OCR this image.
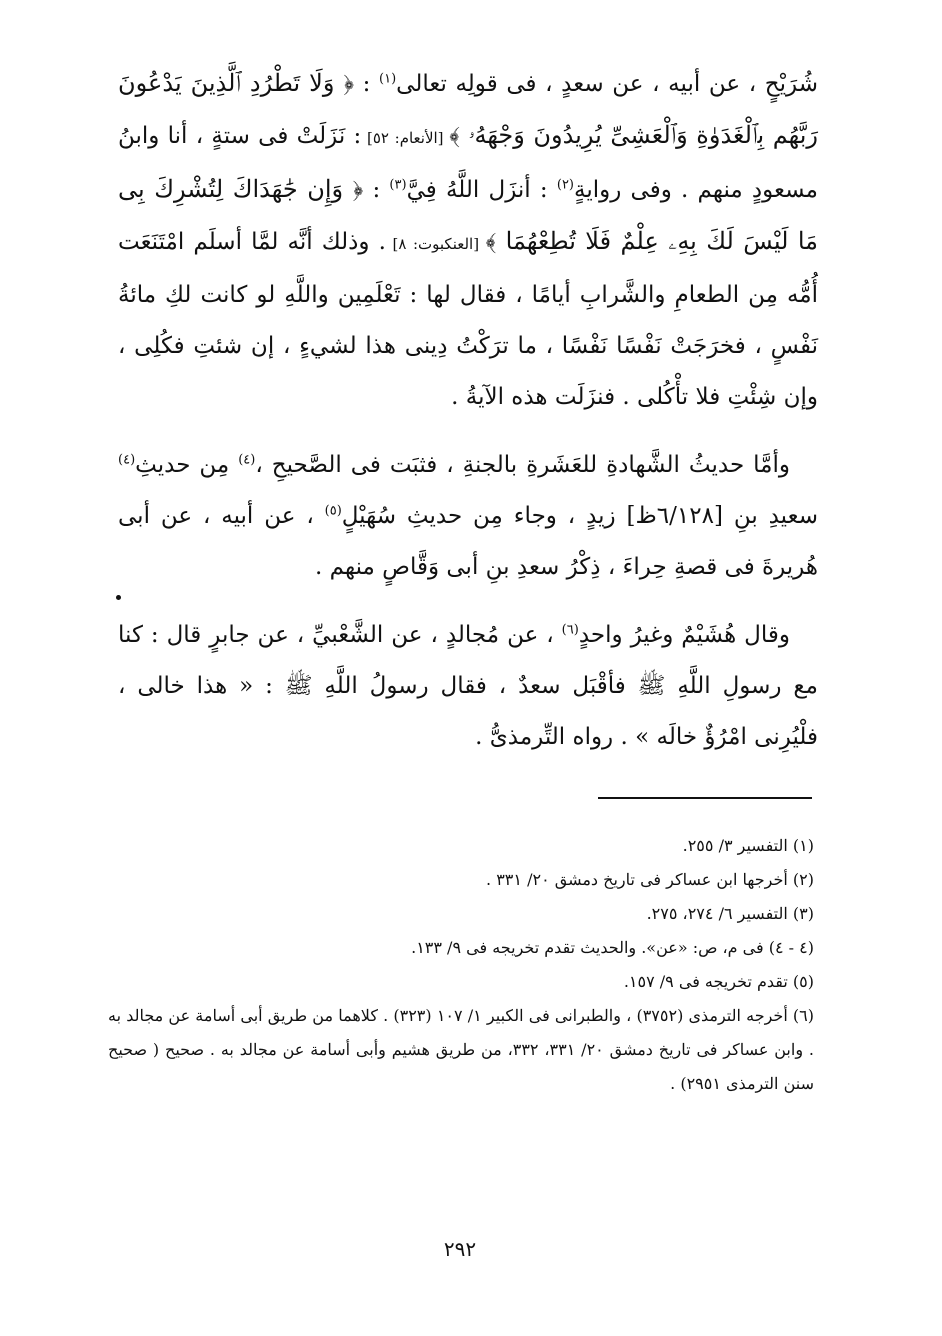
شُرَيْحٍ ، عن أبيه ، عن سعدٍ ، فى قولِه تعالى$^{(١)}$ : ﴿ وَلَا تَطْرُدِ ٱلَّذِينَ يَدْعُونَ رَبَّهُم بِٱلْغَدَوٰةِ وَٱلْعَشِىِّ يُرِيدُونَ وَجْهَهُۥ ﴾ [الأنعام: ٥٢] : نَزَلَتْ فى ستةٍ ، أنا وابنُ مسعودٍ منهم . وفى روايةٍ$^{(٢)}$ : أنزَل اللَّهُ فِيَّ$^{(٣)}$ : ﴿ وَإِن جَٰهَدَاكَ لِتُشْرِكَ بِى مَا لَيْسَ لَكَ بِهِۦ عِلْمٌ فَلَا تُطِعْهُمَا ﴾ [العنكبوت: ٨] . وذلك أنَّه لمَّا أسلَم امْتَنَعَت أُمُّه مِن الطعامِ والشَّرابِ أيامًا ، فقال لها : تَعْلَمِين واللَّهِ لو كانت لكِ مائةُ نَفْسٍ ، فخرَجَتْ نَفْسًا نَفْسًا ، ما ترَكْتُ دِينى هذا لشيءٍ ، إن شئتِ فكُلِى ، وإن شِئْتِ فلا تأْكُلى . فنزَلَت هذه الآيةُ .

وأمَّا حديثُ الشَّهادةِ للعَشَرةِ بالجنةِ ، فثبَت فى الصَّحيحِ ،$^{(٤)}$ مِن حديثِ$^{(٤)}$ سعيدِ بنِ [٦/١٢٨ظ] زيدٍ ، وجاء مِن حديثِ سُهَيْلٍ$^{(٥)}$ ، عن أبيه ، عن أبى هُريرةَ فى قصةِ حِراءَ ، ذِكْرُ سعدِ بنِ أبى وَقَّاصٍ منهم .

وقال هُشَيْمٌ وغيرُ واحدٍ$^{(٦)}$ ، عن مُجالدٍ ، عن الشَّعْبيِّ ، عن جابرٍ قال : كنا مع رسولِ اللَّهِ ﷺ فأقْبَل سعدٌ ، فقال رسولُ اللَّهِ ﷺ : « هذا خالى ، فلْيُرِنى امْرُؤٌ خالَه » . رواه التِّرمذىُّ .

(١) التفسير ٣/ ٢٥٥.

(٢) أخرجها ابن عساكر فى تاريخ دمشق ٢٠/ ٣٣١ .

(٣) التفسير ٦/ ٢٧٤، ٢٧٥.

(٤ - ٤) فى م، ص: «عن». والحديث تقدم تخريجه فى ٩/ ١٣٣.

(٥) تقدم تخريجه فى ٩/ ١٥٧.

(٦) أخرجه الترمذى (٣٧٥٢) ، والطبرانى فى الكبير ١/ ١٠٧ (٣٢٣) . كلاهما من طريق أبى أسامة عن مجالد به . وابن عساكر فى تاريخ دمشق ٢٠/ ٣٣١، ٣٣٢، من طريق هشيم وأبى أسامة عن مجالد به . صحيح ( صحيح سنن الترمذى ٢٩٥١) .

٢٩٢
